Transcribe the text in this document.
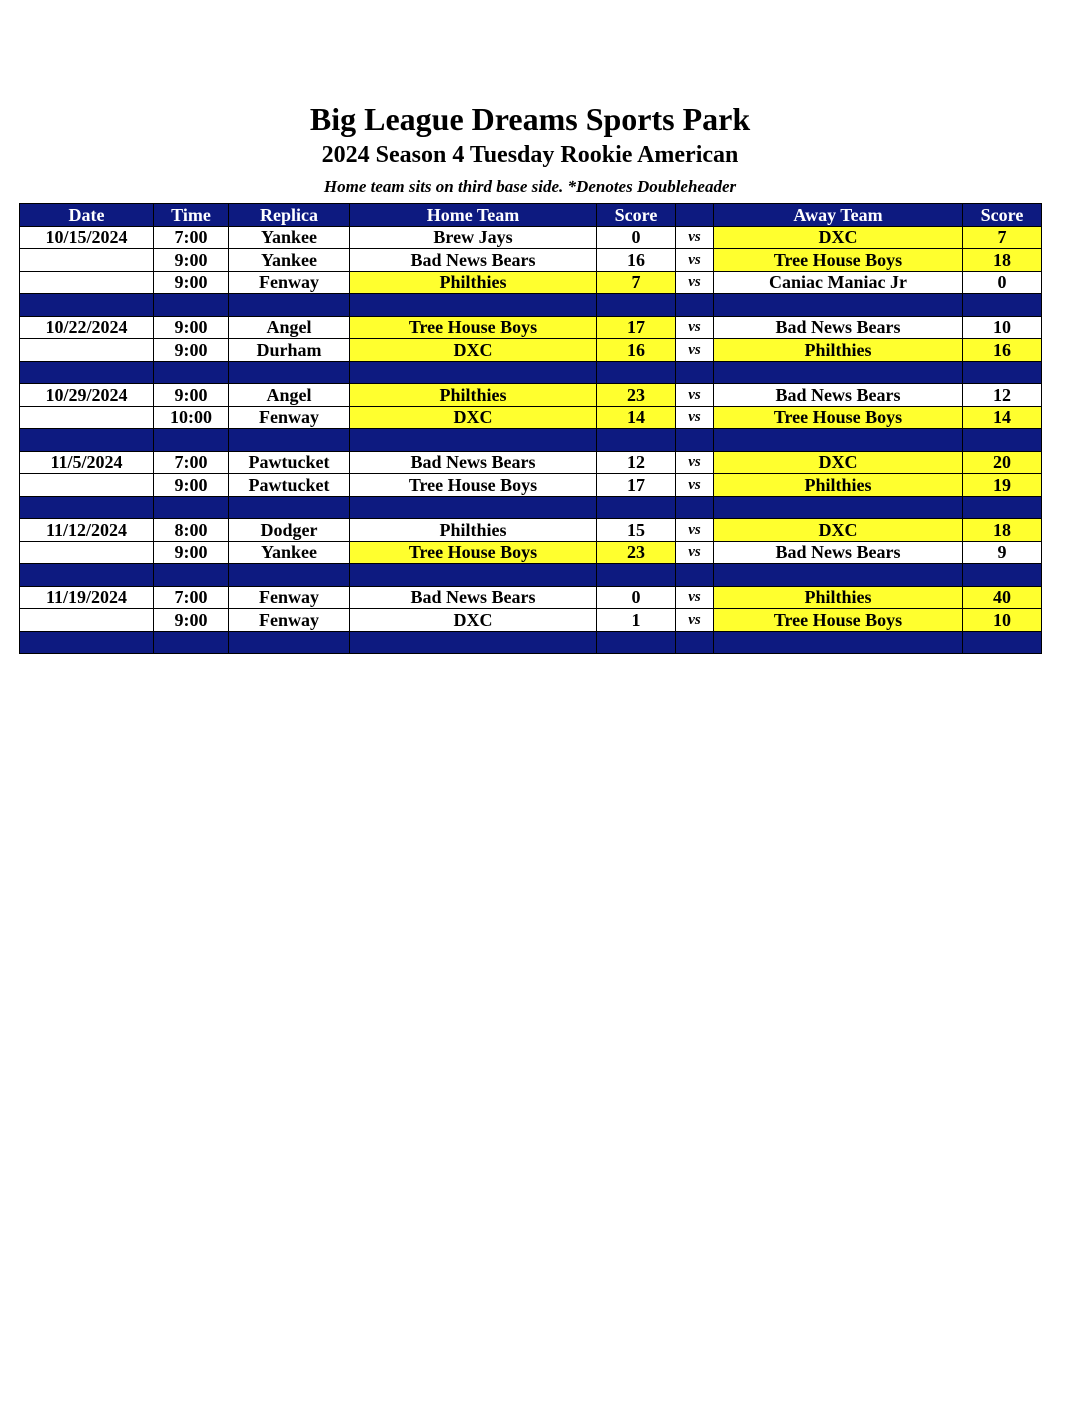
Big League Dreams Sports Park
2024 Season 4 Tuesday Rookie American

Home team sits on third base side. *Denotes Doubleheader

Date	Time	Replica	Home Team	Score		Away Team	Score
10/15/2024	7:00	Yankee	Brew Jays	0	vs	DXC	7
	9:00	Yankee	Bad News Bears	16	vs	Tree House Boys	18
	9:00	Fenway	Philthies	7	vs	Caniac Maniac Jr	0

10/22/2024	9:00	Angel	Tree House Boys	17	vs	Bad News Bears	10
	9:00	Durham	DXC	16	vs	Philthies	16

10/29/2024	9:00	Angel	Philthies	23	vs	Bad News Bears	12
	10:00	Fenway	DXC	14	vs	Tree House Boys	14

11/5/2024	7:00	Pawtucket	Bad News Bears	12	vs	DXC	20
	9:00	Pawtucket	Tree House Boys	17	vs	Philthies	19

11/12/2024	8:00	Dodger	Philthies	15	vs	DXC	18
	9:00	Yankee	Tree House Boys	23	vs	Bad News Bears	9

11/19/2024	7:00	Fenway	Bad News Bears	0	vs	Philthies	40
	9:00	Fenway	DXC	1	vs	Tree House Boys	10
